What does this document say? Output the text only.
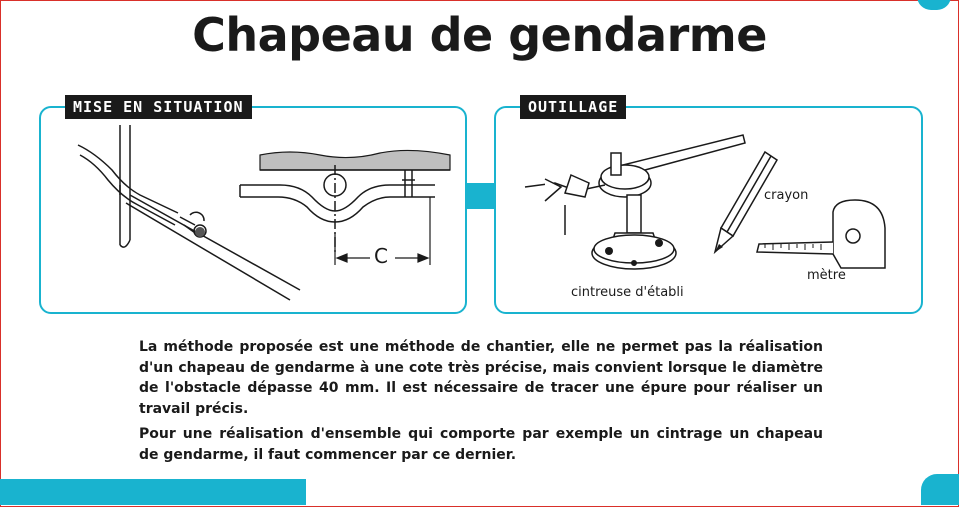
Chapeau de gendarme
MISE EN SITUATION
C
OUTILLAGE
cintreuse d'établi
crayon
mètre

La méthode proposée est une méthode de chantier, elle ne permet pas la réalisation d'un chapeau de gendarme à une cote très précise, mais convient lorsque le diamètre de l'obstacle dépasse 40 mm. Il est nécessaire de tracer une épure pour réaliser un travail précis.

Pour une réalisation d'ensemble qui comporte par exemple un cintrage un chapeau de gendarme, il faut commencer par ce dernier.
